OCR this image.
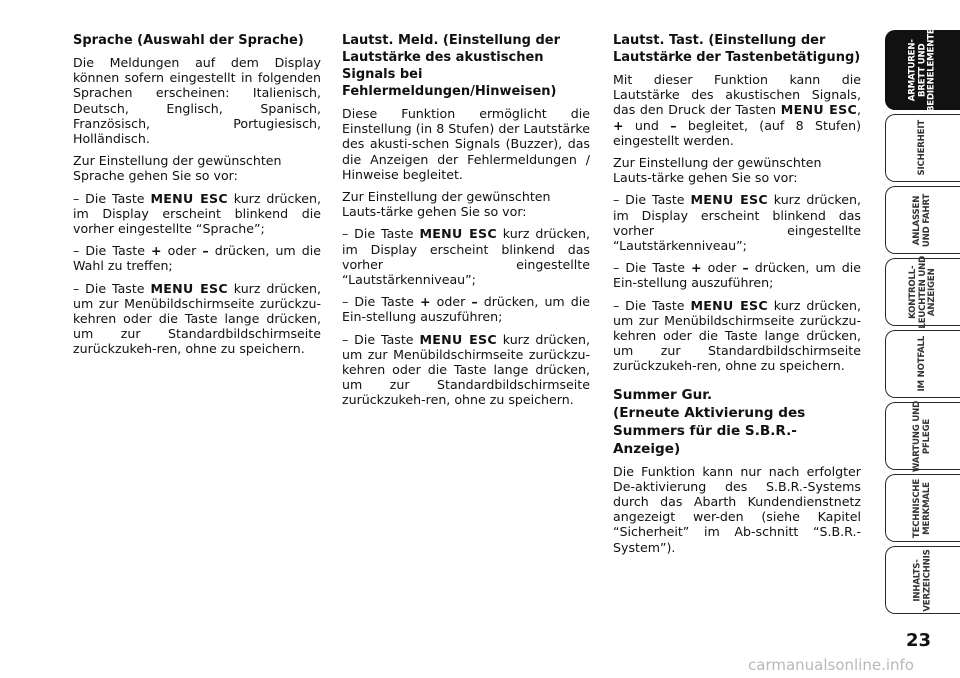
Sprache (Auswahl der Sprache)

Die Meldungen auf dem Display können sofern eingestellt in folgenden Sprachen erscheinen: Italienisch, Deutsch, Englisch, Spanisch, Französisch, Portugiesisch, Holländisch.

Zur Einstellung der gewünschten Sprache gehen Sie so vor:

– Die Taste MENU ESC kurz drücken, im Display erscheint blinkend die vorher eingestellte “Sprache”;

– Die Taste + oder – drücken, um die Wahl zu treffen;

– Die Taste MENU ESC kurz drücken, um zur Menübildschirmseite zurückzu-kehren oder die Taste lange drücken, um zur Standardbildschirmseite zurückzukeh-ren, ohne zu speichern.

Lautst. Meld. (Einstellung der Lautstärke des akustischen Signals bei Fehlermeldungen/Hinweisen)

Diese Funktion ermöglicht die Einstellung (in 8 Stufen) der Lautstärke des akusti-schen Signals (Buzzer), das die Anzeigen der Fehlermeldungen / Hinweise begleitet.

Zur Einstellung der gewünschten Lauts-tärke gehen Sie so vor:

– Die Taste MENU ESC kurz drücken, im Display erscheint blinkend das vorher eingestellte “Lautstärkenniveau”;

– Die Taste + oder – drücken, um die Ein-stellung auszuführen;

– Die Taste MENU ESC kurz drücken, um zur Menübildschirmseite zurückzu-kehren oder die Taste lange drücken, um zur Standardbildschirmseite zurückzukeh-ren, ohne zu speichern.

Lautst. Tast. (Einstellung der Lautstärke der Tastenbetätigung)

Mit dieser Funktion kann die Lautstärke des akustischen Signals, das den Druck der Tasten MENU ESC, + und – begleitet, (auf 8 Stufen) eingestellt werden.

Zur Einstellung der gewünschten Lauts-tärke gehen Sie so vor:

– Die Taste MENU ESC kurz drücken, im Display erscheint blinkend das vorher eingestellte “Lautstärkenniveau”;

– Die Taste + oder – drücken, um die Ein-stellung auszuführen;

– Die Taste MENU ESC kurz drücken, um zur Menübildschirmseite zurückzu-kehren oder die Taste lange drücken, um zur Standardbildschirmseite zurückzukeh-ren, ohne zu speichern.

Summer Gur.
(Erneute Aktivierung des Summers für die S.B.R.-Anzeige)

Die Funktion kann nur nach erfolgter De-aktivierung des S.B.R.-Systems durch das Abarth Kundendienstnetz angezeigt wer-den (siehe Kapitel “Sicherheit” im Ab-schnitt “S.B.R.-System”).

ARMATUREN-
BRETT UND
BEDIENELEMENTE
SICHERHEIT
ANLASSEN
UND FAHRT
KONTROLL-
LEUCHTEN UND
ANZEIGEN
IM NOTFALL
WARTUNG UND
PFLEGE
TECHNISCHE
MERKMALE
INHALTS-
VERZEICHNIS
23
carmanualsonline.info
